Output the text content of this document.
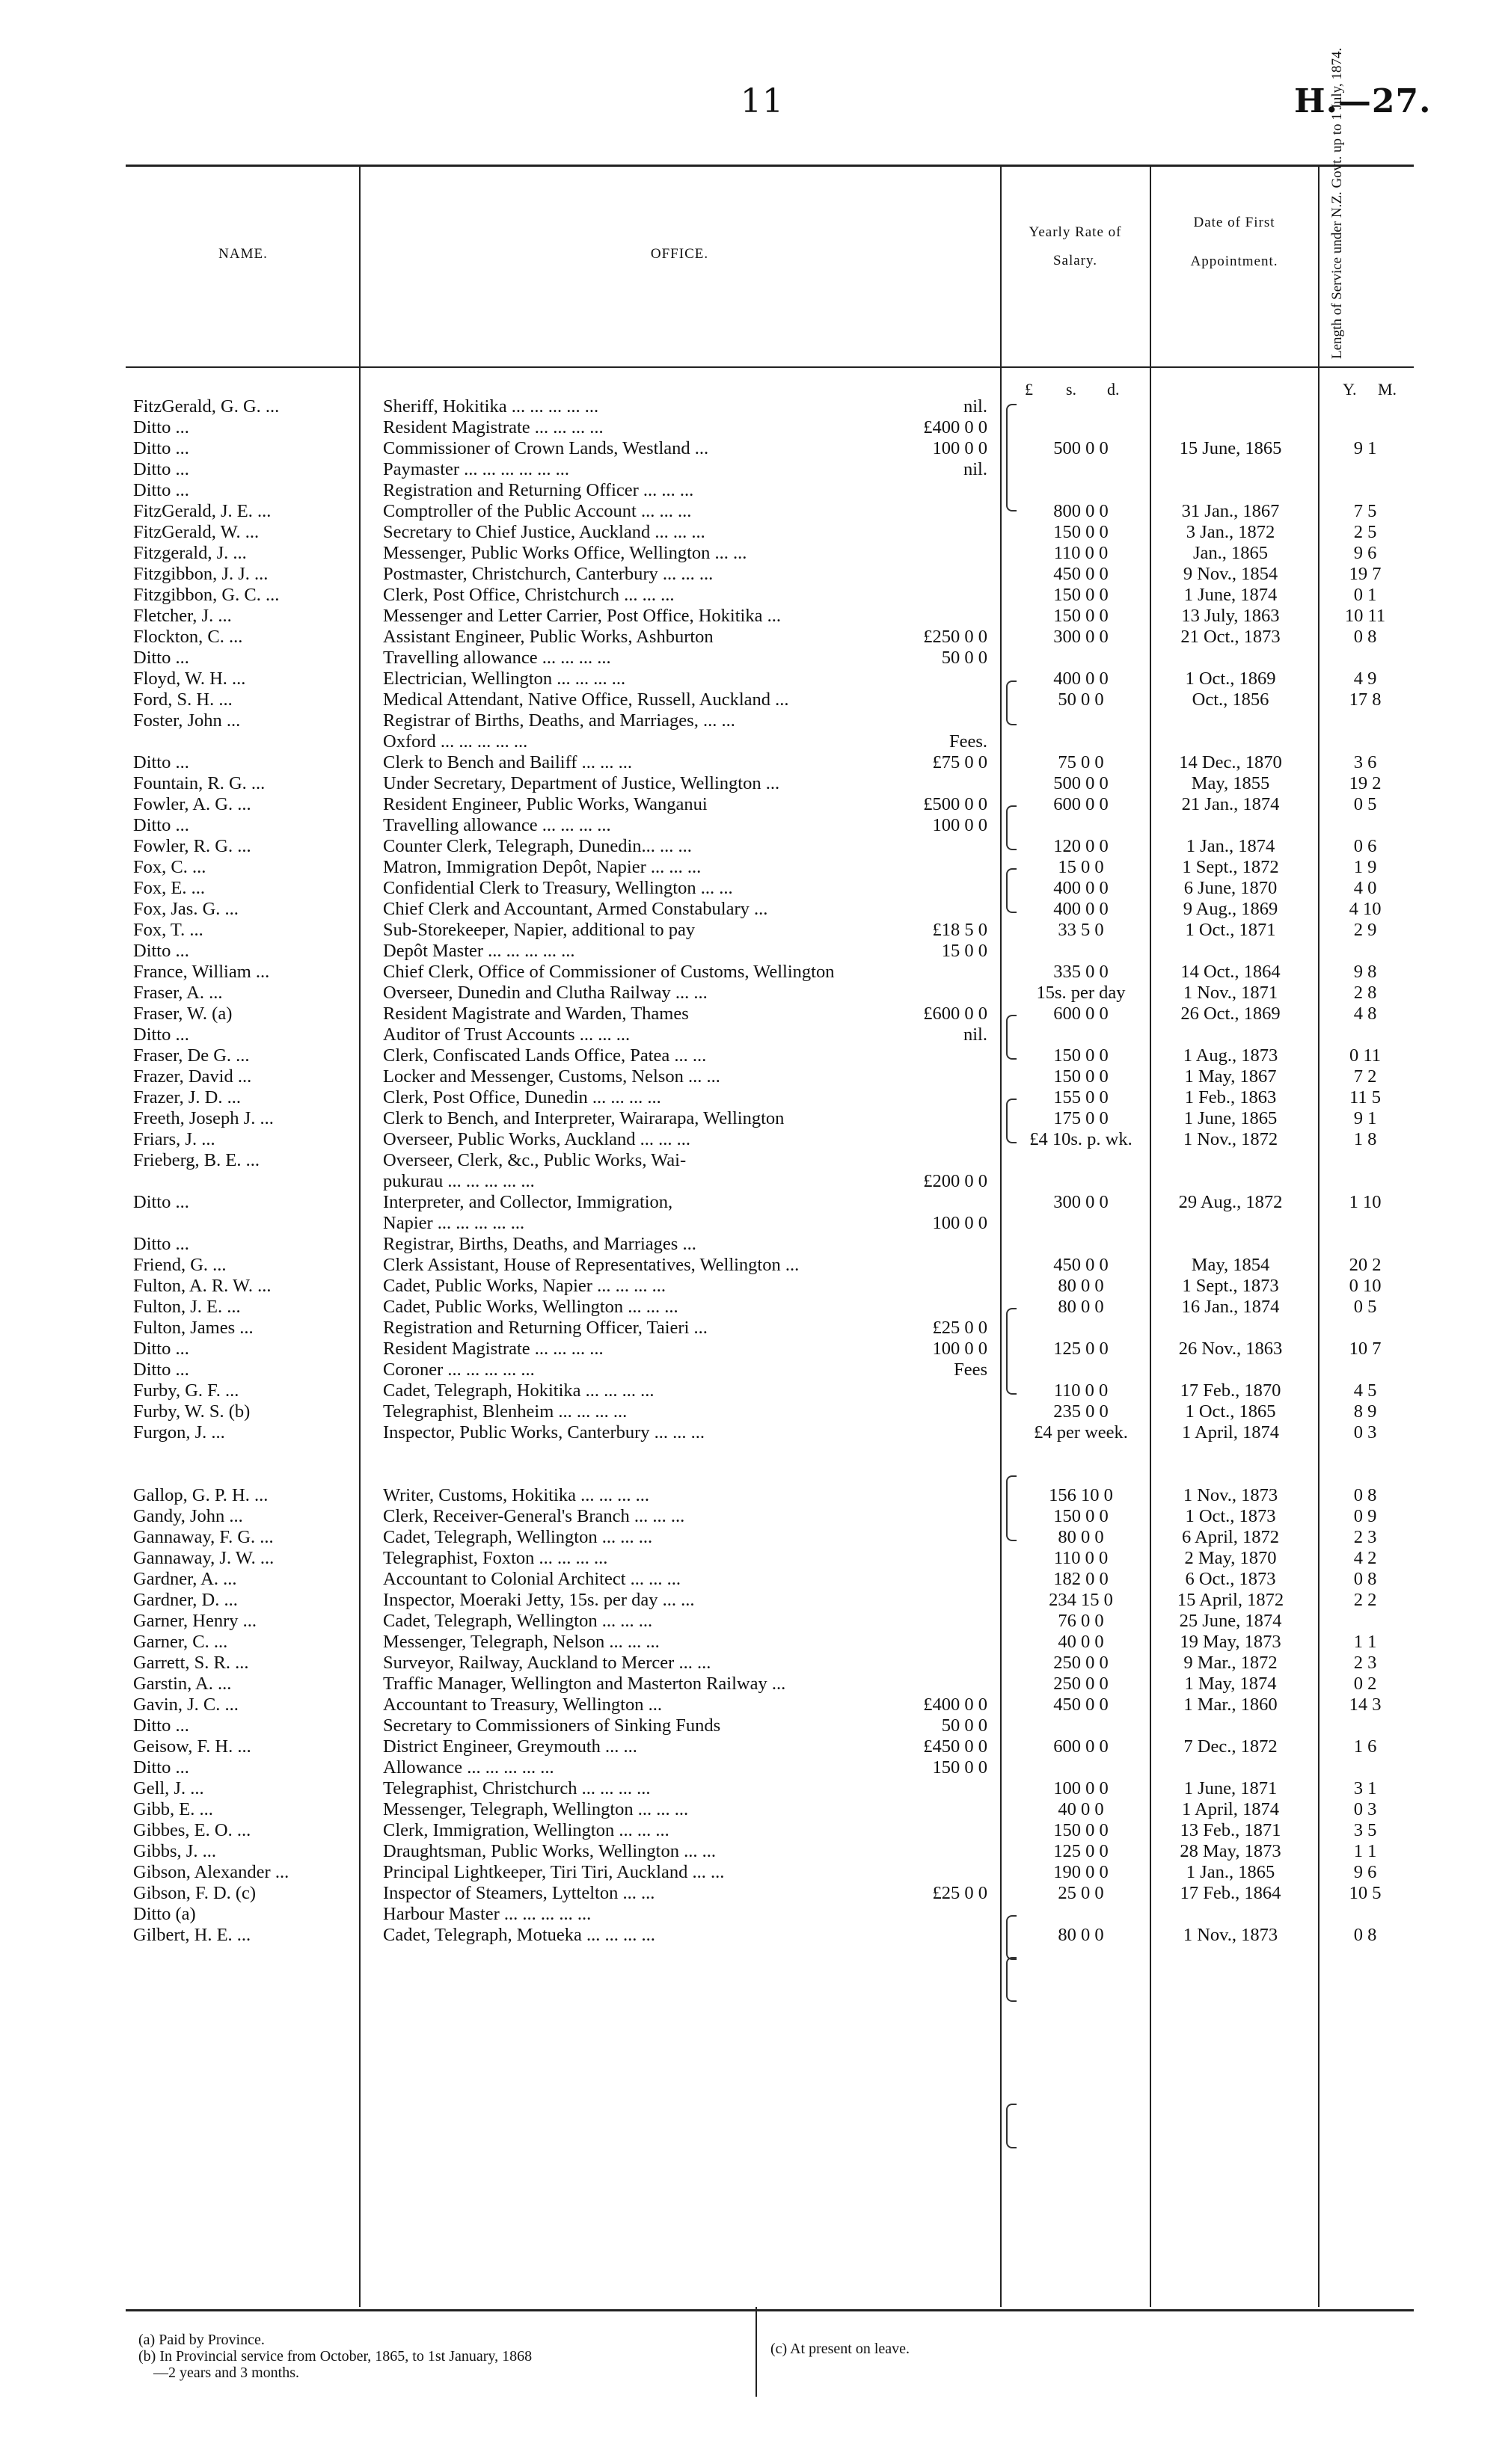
11	H.—27.
NAME.	OFFICE.
Yearly Rate of Salary.
Date of First Appointment.	Length of Service under N.Z. Govt. up to 1 July, 1874.
£ s. d.	Y. M.
FitzGerald, G. G. ...	Sheriff, Hokitika ... ... ... ... ...	nil.
Ditto ...	Resident Magistrate ... ... ... ...	£400 0 0
Ditto ...	Commissioner of Crown Lands, Westland ...	100 0 0	500 0 0	15 June, 1865	9 1
Ditto ...	Paymaster ... ... ... ... ... ...	nil.
Ditto ...	Registration and Returning Officer ... ... ...
FitzGerald, J. E. ...	Comptroller of the Public Account ... ... ...	800 0 0	31 Jan., 1867	7 5
FitzGerald, W. ...	Secretary to Chief Justice, Auckland ... ... ...	150 0 0	3 Jan., 1872	2 5
Fitzgerald, J. ...	Messenger, Public Works Office, Wellington ... ...	110 0 0	Jan., 1865	9 6
Fitzgibbon, J. J. ...	Postmaster, Christchurch, Canterbury ... ... ...	450 0 0	9 Nov., 1854	19 7
Fitzgibbon, G. C. ...	Clerk, Post Office, Christchurch ... ... ...	150 0 0	1 June, 1874	0 1
Fletcher, J. ...	Messenger and Letter Carrier, Post Office, Hokitika ...	150 0 0	13 July, 1863	10 11
Flockton, C. ...	Assistant Engineer, Public Works, Ashburton	£250 0 0	300 0 0	21 Oct., 1873	0 8
Ditto ...	Travelling allowance ... ... ... ...	50 0 0
Floyd, W. H. ...	Electrician, Wellington ... ... ... ...	400 0 0	1 Oct., 1869	4 9
Ford, S. H. ...	Medical Attendant, Native Office, Russell, Auckland ...	50 0 0	Oct., 1856	17 8
Foster, John ...	Registrar of Births, Deaths, and Marriages, ... ...
Oxford ... ... ... ... ...	Fees.
Ditto ...	Clerk to Bench and Bailiff ... ... ...	£75 0 0	75 0 0	14 Dec., 1870	3 6
Fountain, R. G. ...	Under Secretary, Department of Justice, Wellington ...	500 0 0	May, 1855	19 2
Fowler, A. G. ...	Resident Engineer, Public Works, Wanganui	£500 0 0	600 0 0	21 Jan., 1874	0 5
Ditto ...	Travelling allowance ... ... ... ...	100 0 0
Fowler, R. G. ...	Counter Clerk, Telegraph, Dunedin... ... ...	120 0 0	1 Jan., 1874	0 6
Fox, C. ...	Matron, Immigration Depôt, Napier ... ... ...	15 0 0	1 Sept., 1872	1 9
Fox, E. ...	Confidential Clerk to Treasury, Wellington ... ...	400 0 0	6 June, 1870	4 0
Fox, Jas. G. ...	Chief Clerk and Accountant, Armed Constabulary ...	400 0 0	9 Aug., 1869	4 10
Fox, T. ...	Sub-Storekeeper, Napier, additional to pay	£18 5 0	33 5 0	1 Oct., 1871	2 9
Ditto ...	Depôt Master ... ... ... ... ...	15 0 0
France, William ...	Chief Clerk, Office of Commissioner of Customs, Wellington	335 0 0	14 Oct., 1864	9 8
Fraser, A. ...	Overseer, Dunedin and Clutha Railway ... ...	15s. per day	1 Nov., 1871	2 8
Fraser, W. (a)	Resident Magistrate and Warden, Thames	£600 0 0	600 0 0	26 Oct., 1869	4 8
Ditto ...	Auditor of Trust Accounts ... ... ...	nil.
Fraser, De G. ...	Clerk, Confiscated Lands Office, Patea ... ...	150 0 0	1 Aug., 1873	0 11
Frazer, David ...	Locker and Messenger, Customs, Nelson ... ...	150 0 0	1 May, 1867	7 2
Frazer, J. D. ...	Clerk, Post Office, Dunedin ... ... ... ...	155 0 0	1 Feb., 1863	11 5
Freeth, Joseph J. ...	Clerk to Bench, and Interpreter, Wairarapa, Wellington	175 0 0	1 June, 1865	9 1
Friars, J. ...	Overseer, Public Works, Auckland ... ... ...	£4 10s. p. wk.	1 Nov., 1872	1 8
Frieberg, B. E. ...	Overseer, Clerk, &c., Public Works, Wai-
pukurau ... ... ... ... ...	£200 0 0
Ditto ...	Interpreter, and Collector, Immigration,	300 0 0	29 Aug., 1872	1 10
Napier ... ... ... ... ...	100 0 0
Ditto ...	Registrar, Births, Deaths, and Marriages ...
Friend, G. ...	Clerk Assistant, House of Representatives, Wellington ...	450 0 0	May, 1854	20 2
Fulton, A. R. W. ...	Cadet, Public Works, Napier ... ... ... ...	80 0 0	1 Sept., 1873	0 10
Fulton, J. E. ...	Cadet, Public Works, Wellington ... ... ...	80 0 0	16 Jan., 1874	0 5
Fulton, James ...	Registration and Returning Officer, Taieri ...	£25 0 0
Ditto ...	Resident Magistrate ... ... ... ...	100 0 0	125 0 0	26 Nov., 1863	10 7
Ditto ...	Coroner ... ... ... ... ...	Fees
Furby, G. F. ...	Cadet, Telegraph, Hokitika ... ... ... ...	110 0 0	17 Feb., 1870	4 5
Furby, W. S. (b)	Telegraphist, Blenheim ... ... ... ...	235 0 0	1 Oct., 1865	8 9
Furgon, J. ...	Inspector, Public Works, Canterbury ... ... ...	£4 per week.	1 April, 1874	0 3
Gallop, G. P. H. ...	Writer, Customs, Hokitika ... ... ... ...	156 10 0	1 Nov., 1873	0 8
Gandy, John ...	Clerk, Receiver-General's Branch ... ... ...	150 0 0	1 Oct., 1873	0 9
Gannaway, F. G. ...	Cadet, Telegraph, Wellington ... ... ...	80 0 0	6 April, 1872	2 3
Gannaway, J. W. ...	Telegraphist, Foxton ... ... ... ...	110 0 0	2 May, 1870	4 2
Gardner, A. ...	Accountant to Colonial Architect ... ... ...	182 0 0	6 Oct., 1873	0 8
Gardner, D. ...	Inspector, Moeraki Jetty, 15s. per day ... ...	234 15 0	15 April, 1872	2 2
Garner, Henry ...	Cadet, Telegraph, Wellington ... ... ...	76 0 0	25 June, 1874
Garner, C. ...	Messenger, Telegraph, Nelson ... ... ...	40 0 0	19 May, 1873	1 1
Garrett, S. R. ...	Surveyor, Railway, Auckland to Mercer ... ...	250 0 0	9 Mar., 1872	2 3
Garstin, A. ...	Traffic Manager, Wellington and Masterton Railway ...	250 0 0	1 May, 1874	0 2
Gavin, J. C. ...	Accountant to Treasury, Wellington ...	£400 0 0	450 0 0	1 Mar., 1860	14 3
Ditto ...	Secretary to Commissioners of Sinking Funds	50 0 0
Geisow, F. H. ...	District Engineer, Greymouth ... ...	£450 0 0	600 0 0	7 Dec., 1872	1 6
Ditto ...	Allowance ... ... ... ... ...	150 0 0
Gell, J. ...	Telegraphist, Christchurch ... ... ... ...	100 0 0	1 June, 1871	3 1
Gibb, E. ...	Messenger, Telegraph, Wellington ... ... ...	40 0 0	1 April, 1874	0 3
Gibbes, E. O. ...	Clerk, Immigration, Wellington ... ... ...	150 0 0	13 Feb., 1871	3 5
Gibbs, J. ...	Draughtsman, Public Works, Wellington ... ...	125 0 0	28 May, 1873	1 1
Gibson, Alexander ...	Principal Lightkeeper, Tiri Tiri, Auckland ... ...	190 0 0	1 Jan., 1865	9 6
Gibson, F. D. (c)	Inspector of Steamers, Lyttelton ... ...	£25 0 0	25 0 0	17 Feb., 1864	10 5
Ditto (a)	Harbour Master ... ... ... ... ...
Gilbert, H. E. ...	Cadet, Telegraph, Motueka ... ... ... ...	80 0 0	1 Nov., 1873	0 8
(a) Paid by Province.
(b) In Provincial service from October, 1865, to 1st January, 1868
—2 years and 3 months.
(c) At present on leave.
